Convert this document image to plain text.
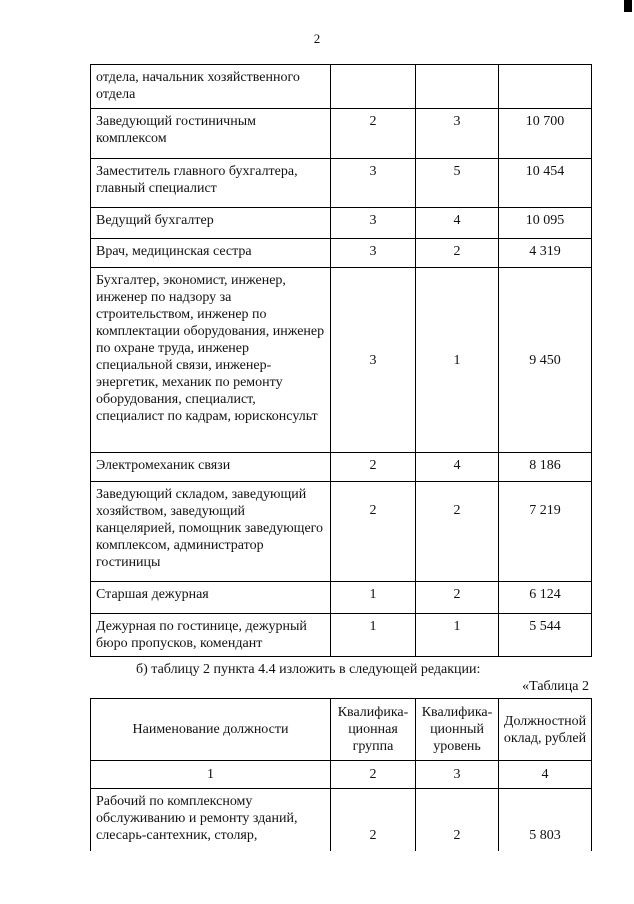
2
отдела, начальник хозяйственного отдела			
Заведующий гостиничным комплексом	2	3	10 700
Заместитель главного бухгалтера, главный специалист	3	5	10 454
Ведущий бухгалтер	3	4	10 095
Врач, медицинская сестра	3	2	4 319
Бухгалтер, экономист, инженер, инженер по надзору за строительством, инженер по комплектации оборудования, инженер по охране труда, инженер специальной связи, инженер-энергетик, механик по ремонту оборудования, специалист, специалист по кадрам, юрисконсульт	3	1	9 450
Электромеханик связи	2	4	8 186
Заведующий складом, заведующий хозяйством, заведующий канцелярией, помощник заведующего комплексом, администратор гостиницы	2	2	7 219
Старшая дежурная	1	2	6 124
Дежурная по гостинице, дежурный бюро пропусков, комендант	1	1	5 544
б) таблицу 2 пункта 4.4 изложить в следующей редакции:
«Таблица 2
Наименование должности	Квалифика-ционная группа	Квалифика-ционный уровень	Должностной оклад, рублей
1	2	3	4
Рабочий по комплексному обслуживанию и ремонту зданий, слесарь-сантехник, столяр,	2	2	5 803
